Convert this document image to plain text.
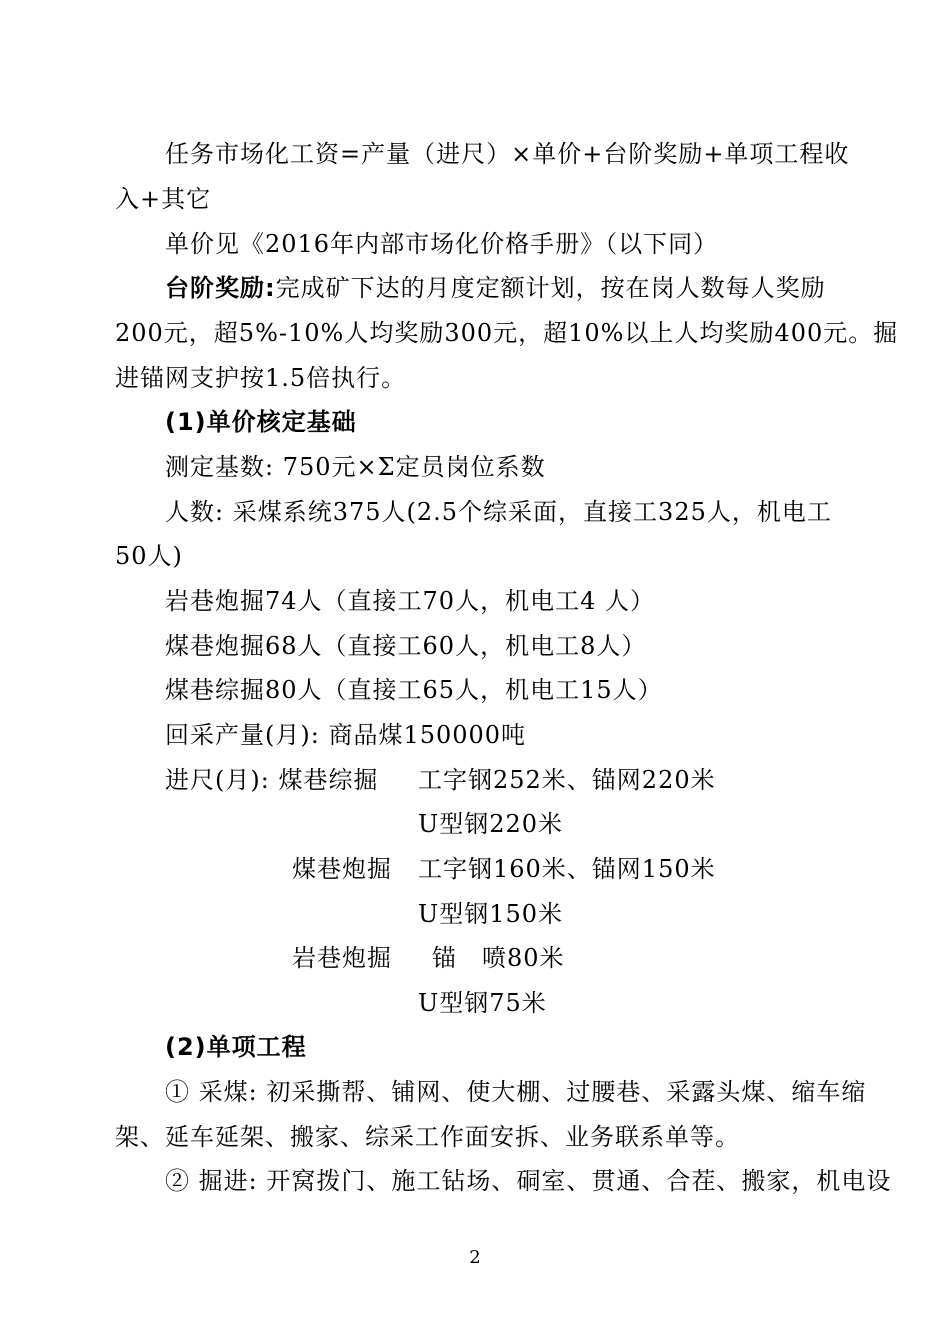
任务市场化工资=产量（进尺）×单价+台阶奖励+单项工程收
入+其它
单价见《2016年内部市场化价格手册》（以下同）
台阶奖励:完成矿下达的月度定额计划，按在岗人数每人奖励
200元，超5%-10%人均奖励300元，超10%以上人均奖励400元。掘
进锚网支护按1.5倍执行。
(1)单价核定基础
测定基数: 750元×Σ定员岗位系数
人数: 采煤系统375人(2.5个综采面，直接工325人，机电工
50人)
岩巷炮掘74人（直接工70人，机电工4 人）
煤巷炮掘68人（直接工60人，机电工8人）
煤巷综掘80人（直接工65人，机电工15人）
回采产量(月): 商品煤150000吨
进尺(月): 煤巷综掘 工字钢252米、锚网220米
U型钢220米
煤巷炮掘 工字钢160米、锚网150米
U型钢150米
岩巷炮掘 锚　喷80米
U型钢75米
(2)单项工程
① 采煤: 初采撕帮、铺网、使大棚、过腰巷、采露头煤、缩车缩
架、延车延架、搬家、综采工作面安拆、业务联系单等。
② 掘进: 开窝拨门、施工钻场、硐室、贯通、合茬、搬家，机电设
2
